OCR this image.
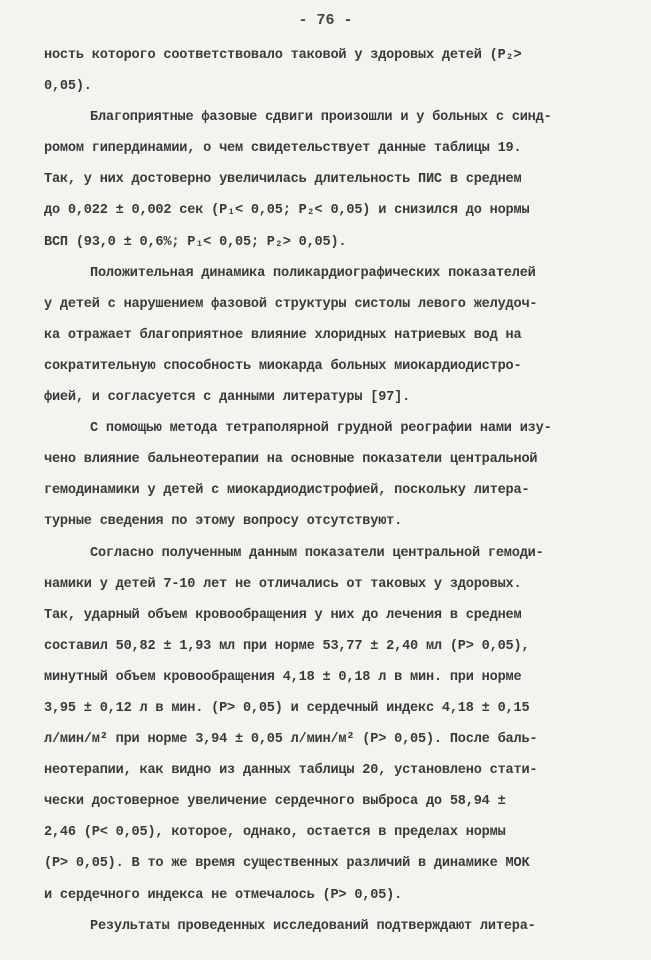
- 76 -
ность которого соответствовало таковой у здоровых детей (P₂>
0,05).
Благоприятные фазовые сдвиги произошли и у больных с синд-
ромом гипердинамии, о чем свидетельствует данные таблицы 19.
Так, у них достоверно увеличилась длительность ПИС в среднем
до 0,022 ± 0,002 сек (P₁< 0,05; P₂< 0,05) и снизился до нормы
ВСП (93,0 ± 0,6%; P₁< 0,05; P₂> 0,05).
Положительная динамика поликардиографических показателей
у детей с нарушением фазовой структуры систолы левого желудоч-
ка отражает благоприятное влияние хлоридных натриевых вод на
сократительную способность миокарда больных миокардиодистро-
фией, и согласуется с данными литературы [97].
С помощью метода тетраполярной грудной реографии нами изу-
чено влияние бальнеотерапии на основные показатели центральной
гемодинамики у детей с миокардиодистрофией, поскольку литера-
турные сведения по этому вопросу отсутствуют.
Согласно полученным данным показатели центральной гемоди-
намики у детей 7-10 лет не отличались от таковых у здоровых.
Так, ударный объем кровообращения у них до лечения в среднем
составил 50,82 ± 1,93 мл при норме 53,77 ± 2,40 мл (P> 0,05),
минутный объем кровообращения 4,18 ± 0,18 л в мин. при норме
3,95 ± 0,12 л в мин. (P> 0,05) и сердечный индекс 4,18 ± 0,15
л/мин/м² при норме 3,94 ± 0,05 л/мин/м² (P> 0,05). После баль-
неотерапии, как видно из данных таблицы 20, установлено стати-
чески достоверное увеличение сердечного выброса до 58,94 ±
2,46 (P< 0,05), которое, однако, остается в пределах нормы
(P> 0,05). В то же время существенных различий в динамике МОК
и сердечного индекса не отмечалось (P> 0,05).
Результаты проведенных исследований подтверждают литера-
